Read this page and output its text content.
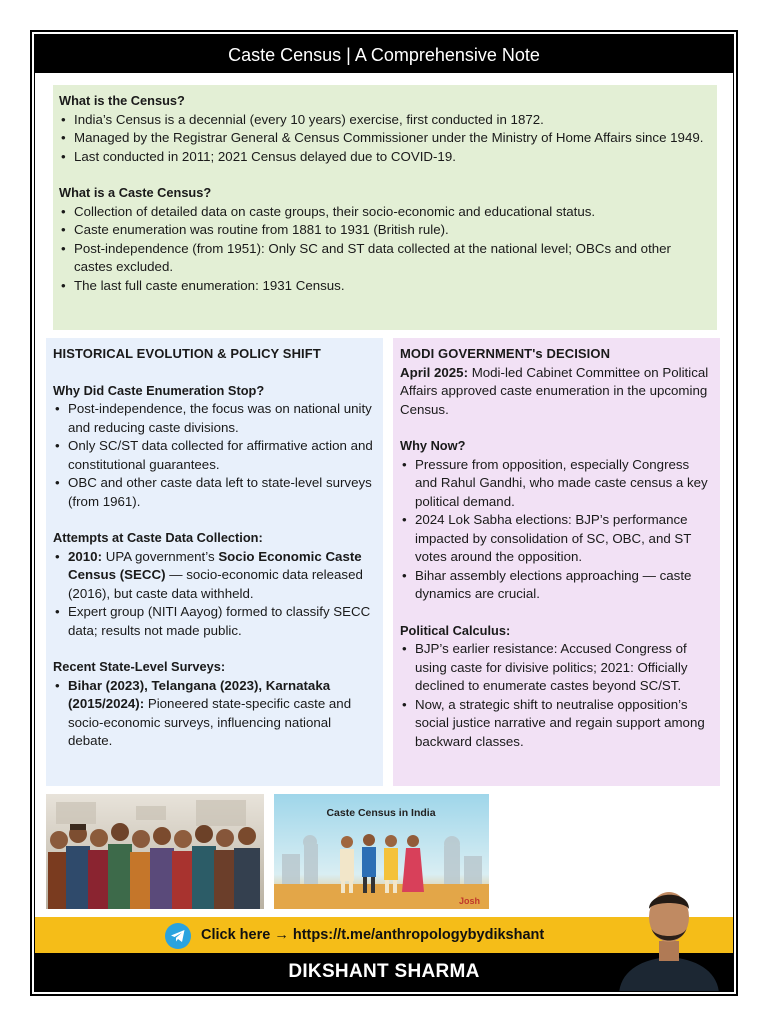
Caste Census | A Comprehensive Note
What is the Census?
• India’s Census is a decennial (every 10 years) exercise, first conducted in 1872.
• Managed by the Registrar General & Census Commissioner under the Ministry of Home Affairs since 1949.
• Last conducted in 2011; 2021 Census delayed due to COVID-19.
What is a Caste Census?
• Collection of detailed data on caste groups, their socio-economic and educational status.
• Caste enumeration was routine from 1881 to 1931 (British rule).
• Post-independence (from 1951): Only SC and ST data collected at the national level; OBCs and other castes excluded.
• The last full caste enumeration: 1931 Census.
HISTORICAL EVOLUTION & POLICY SHIFT
Why Did Caste Enumeration Stop?
• Post-independence, the focus was on national unity and reducing caste divisions.
• Only SC/ST data collected for affirmative action and constitutional guarantees.
• OBC and other caste data left to state-level surveys (from 1961).
Attempts at Caste Data Collection:
• 2010: UPA government’s Socio Economic Caste Census (SECC) — socio-economic data released (2016), but caste data withheld.
• Expert group (NITI Aayog) formed to classify SECC data; results not made public.
Recent State-Level Surveys:
• Bihar (2023), Telangana (2023), Karnataka (2015/2024): Pioneered state-specific caste and socio-economic surveys, influencing national debate.
MODI GOVERNMENT's DECISION
April 2025: Modi-led Cabinet Committee on Political Affairs approved caste enumeration in the upcoming Census.
Why Now?
• Pressure from opposition, especially Congress and Rahul Gandhi, who made caste census a key political demand.
• 2024 Lok Sabha elections: BJP’s performance impacted by consolidation of SC, OBC, and ST votes around the opposition.
• Bihar assembly elections approaching — caste dynamics are crucial.
Political Calculus:
• BJP’s earlier resistance: Accused Congress of using caste for divisive politics; 2021: Officially declined to enumerate castes beyond SC/ST.
• Now, a strategic shift to neutralise opposition’s social justice narrative and regain support among backward classes.
Caste Census in India
Josh
Click here → https://t.me/anthropologybydikshant
DIKSHANT SHARMA
